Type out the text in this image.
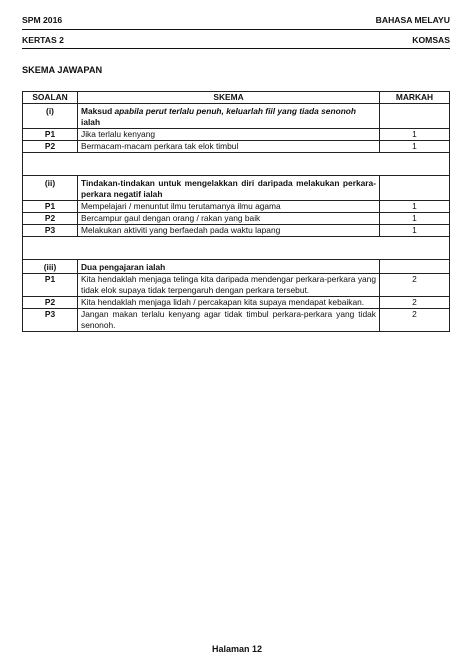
SPM 2016	BAHASA MELAYU
KERTAS 2	KOMSAS
SKEMA JAWAPAN
SOALAN	SKEMA	MARKAH
(i)	Maksud apabila perut terlalu penuh, keluarlah fiil yang tiada senonoh ialah	
P1	Jika terlalu kenyang	1
P2	Bermacam-macam perkara tak elok timbul	1

(ii)	Tindakan-tindakan untuk mengelakkan diri daripada melakukan perkara-perkara negatif ialah	
P1	Mempelajari / menuntut ilmu terutamanya ilmu agama	1
P2	Bercampur gaul dengan orang / rakan yang baik	1
P3	Melakukan aktiviti yang berfaedah pada waktu lapang	1

(iii)	Dua pengajaran ialah	
P1	Kita hendaklah menjaga telinga kita daripada mendengar perkara-perkara yang tidak elok supaya tidak terpengaruh dengan perkara tersebut.	2
P2	Kita hendaklah menjaga lidah / percakapan kita supaya mendapat kebaikan.	2
P3	Jangan makan terlalu kenyang agar tidak timbul perkara-perkara yang tidak senonoh.	2
Halaman 12
